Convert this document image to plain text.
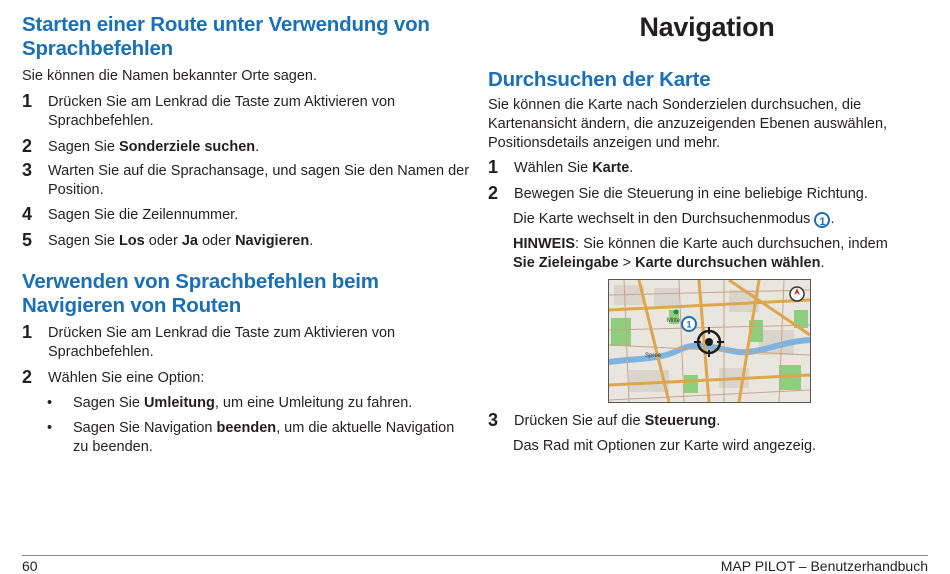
Starten einer Route unter Verwendung von Sprachbefehlen

Sie können die Namen bekannter Orte sagen.

1 Drücken Sie am Lenkrad die Taste zum Aktivieren von Sprachbefehlen.
2 Sagen Sie Sonderziele suchen.
3 Warten Sie auf die Sprachansage, und sagen Sie den Namen der Position.
4 Sagen Sie die Zeilennummer.
5 Sagen Sie Los oder Ja oder Navigieren.
Verwenden von Sprachbefehlen beim Navigieren von Routen
1 Drücken Sie am Lenkrad die Taste zum Aktivieren von Sprachbefehlen.
2 Wählen Sie eine Option:
• Sagen Sie Umleitung, um eine Umleitung zu fahren.
• Sagen Sie Navigation beenden, um die aktuelle Navigation zu beenden.
Navigation
Durchsuchen der Karte

Sie können die Karte nach Sonderzielen durchsuchen, die Kartenansicht ändern, die anzuzeigenden Ebenen auswählen, Positionsdetails anzeigen und mehr.

1 Wählen Sie Karte.
2 Bewegen Sie die Steuerung in eine beliebige Richtung.

Die Karte wechselt in den Durchsuchenmodus 1 .

HINWEIS: Sie können die Karte auch durchsuchen, indem Sie Zieleingabe > Karte durchsuchen wählen.

3 Drücken Sie auf die Steuerung.

Das Rad mit Optionen zur Karte wird angezeig.

Mitte
Spree
1
60	MAP PILOT – Benutzerhandbuch
